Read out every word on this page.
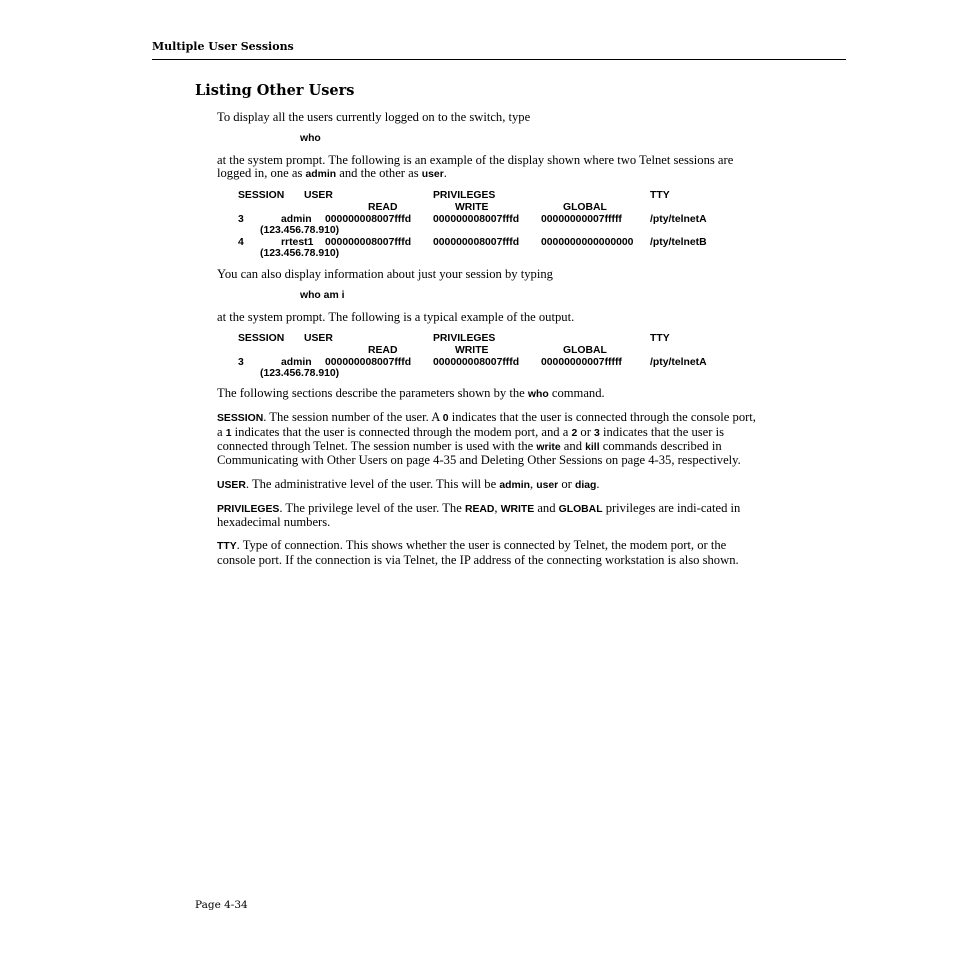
Multiple User Sessions
Listing Other Users

To display all the users currently logged on to the switch, type

who

at the system prompt. The following is an example of the display shown where two Telnet sessions are logged in, one as admin and the other as user.

SESSION USER	PRIVILEGES	TTY
READ	WRITE	GLOBAL
3	admin 000000008007fffd 000000008007fffd 00000000007fffff	/pty/telnetA
(123.456.78.910)
4	rrtest1 000000008007fffd 000000008007fffd 0000000000000000 /pty/telnetB
(123.456.78.910)

You can also display information about just your session by typing

who am i

at the system prompt. The following is a typical example of the output.

SESSION USER	PRIVILEGES	TTY
READ	WRITE	GLOBAL
3	admin 000000008007fffd 000000008007fffd 00000000007fffff	/pty/telnetA
(123.456.78.910)

The following sections describe the parameters shown by the who command.

SESSION. The session number of the user. A 0 indicates that the user is connected through the console port, a 1 indicates that the user is connected through the modem port, and a 2 or 3 indicates that the user is connected through Telnet. The session number is used with the write and kill commands described in Communicating with Other Users on page 4-35 and Deleting Other Sessions on page 4-35, respectively.

USER. The administrative level of the user. This will be admin, user or diag.

PRIVILEGES. The privilege level of the user. The READ, WRITE and GLOBAL privileges are indi-cated in hexadecimal numbers.

TTY. Type of connection. This shows whether the user is connected by Telnet, the modem port, or the console port. If the connection is via Telnet, the IP address of the connecting workstation is also shown.

Page 4-34
